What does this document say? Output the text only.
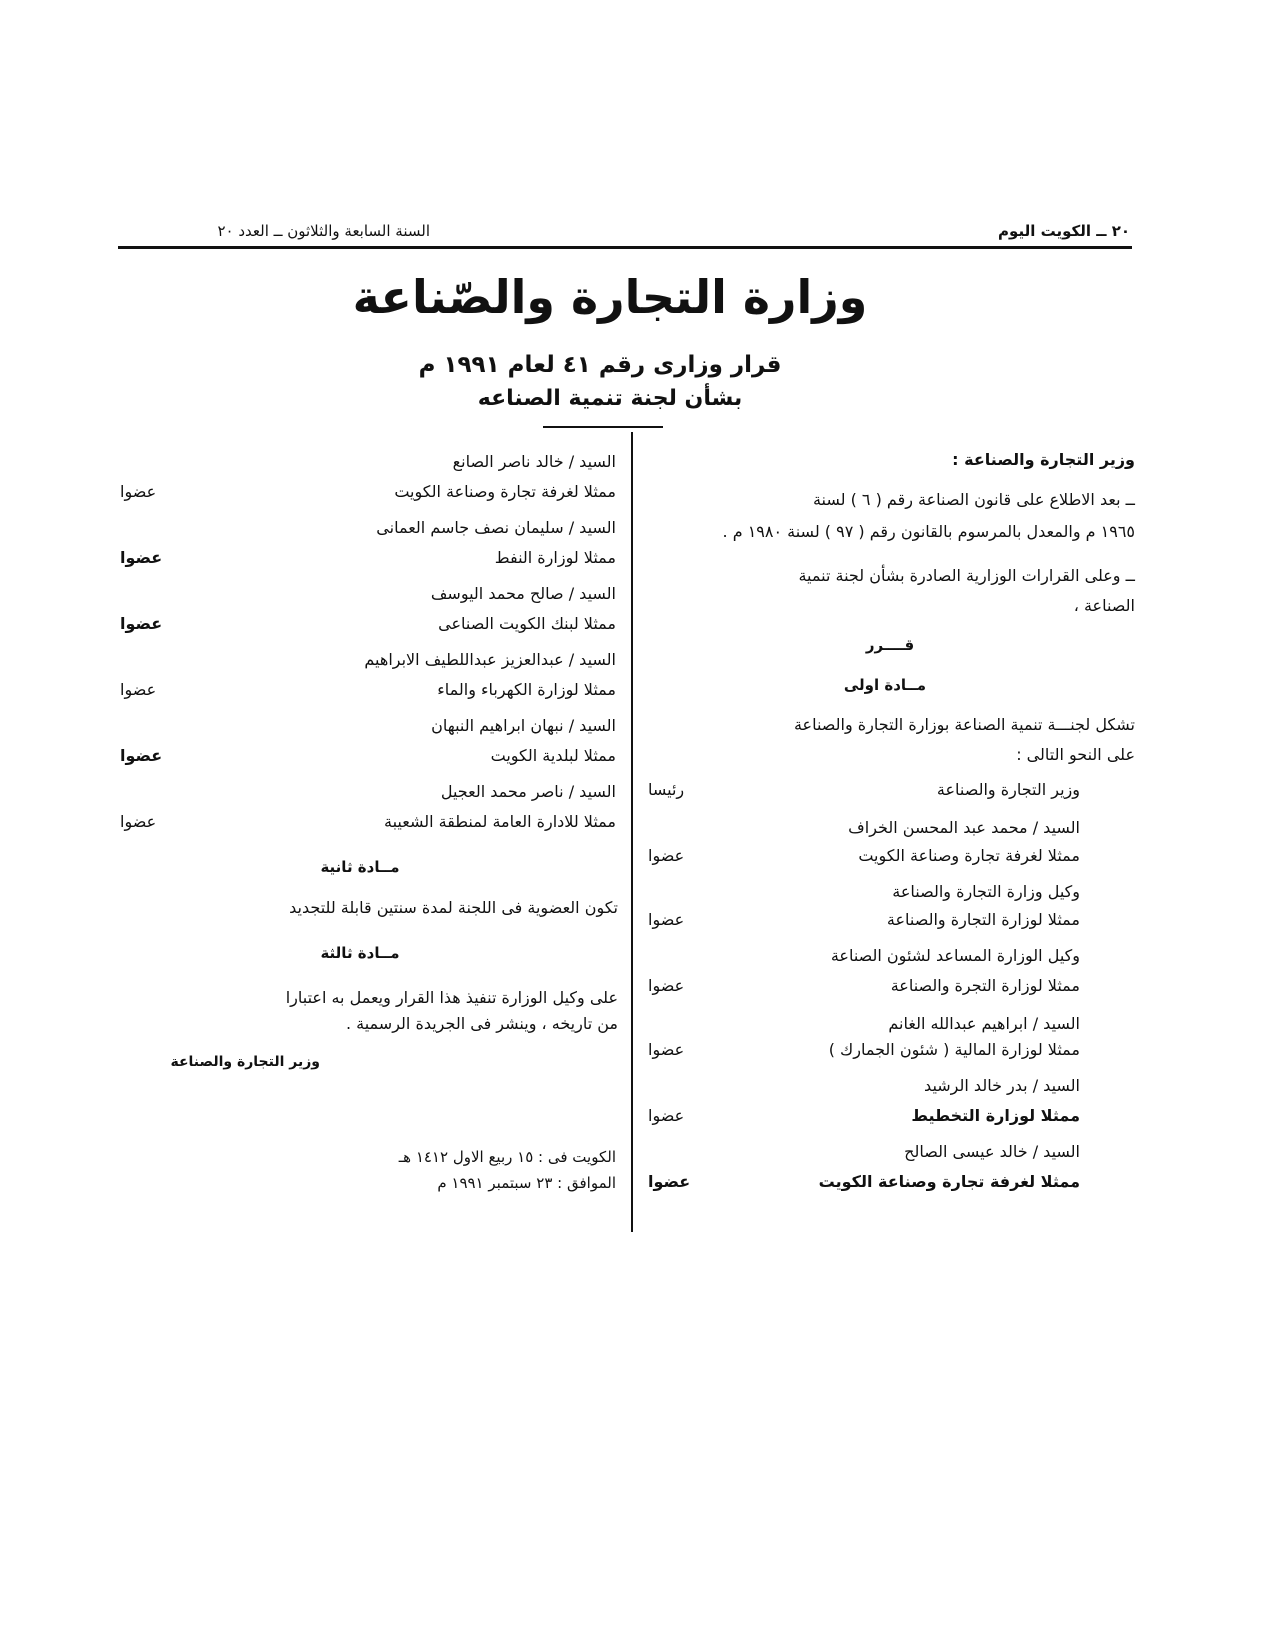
٢٠ ــ الكويت اليوم
السنة السابعة والثلاثون ــ العدد ٢٠
وزارة التجارة والصّناعة
قرار وزارى رقم ٤١ لعام ١٩٩١ م
بشأن لجنة تنمية الصناعه
وزير التجارة والصناعة :
ــ بعد الاطلاع على قانون الصناعة رقم ( ٦ ) لسنة
١٩٦٥ م والمعدل بالمرسوم بالقانون رقم ( ٩٧ ) لسنة ١٩٨٠ م .
ــ وعلى القرارات الوزارية الصادرة بشأن لجنة تنمية
الصناعة ،
قــــرر
مــادة اولى
تشكل لجنـــة تنمية الصناعة بوزارة التجارة والصناعة
على النحو التالى :
وزير التجارة والصناعة
رئيسا
السيد / محمد عبد المحسن الخراف
ممثلا لغرفة تجارة وصناعة الكويت
عضوا
وكيل وزارة التجارة والصناعة
ممثلا لوزارة التجارة والصناعة
عضوا
وكيل الوزارة المساعد لشئون الصناعة
ممثلا لوزارة التجرة والصناعة
عضوا
السيد / ابراهيم عبدالله الغانم
ممثلا لوزارة المالية ( شئون الجمارك )
عضوا
السيد / بدر خالد الرشيد
ممثلا لوزارة التخطيط
عضوا
السيد / خالد عيسى الصالح
ممثلا لغرفة تجارة وصناعة الكويت
عضوا
السيد / خالد ناصر الصانع
ممثلا لغرفة تجارة وصناعة الكويت
عضوا
السيد / سليمان نصف جاسم العمانى
ممثلا لوزارة النفط
عضوا
السيد / صالح محمد اليوسف
ممثلا لبنك الكويت الصناعى
عضوا
السيد / عبدالعزيز عبداللطيف الابراهيم
ممثلا لوزارة الكهرباء والماء
عضوا
السيد / نبهان ابراهيم النبهان
ممثلا لبلدية الكويت
عضوا
السيد / ناصر محمد العجيل
ممثلا للادارة العامة لمنطقة الشعيبة
عضوا
مــادة ثانية
تكون العضوية فى اللجنة لمدة سنتين قابلة للتجديد
مــادة ثالثة
على وكيل الوزارة تنفيذ هذا القرار ويعمل به اعتبارا
من تاريخه ، وينشر فى الجريدة الرسمية .
وزير التجارة والصناعة
الكويت فى : ١٥ ربيع الاول ١٤١٢ هـ
الموافق : ٢٣ سبتمبر ١٩٩١ م
